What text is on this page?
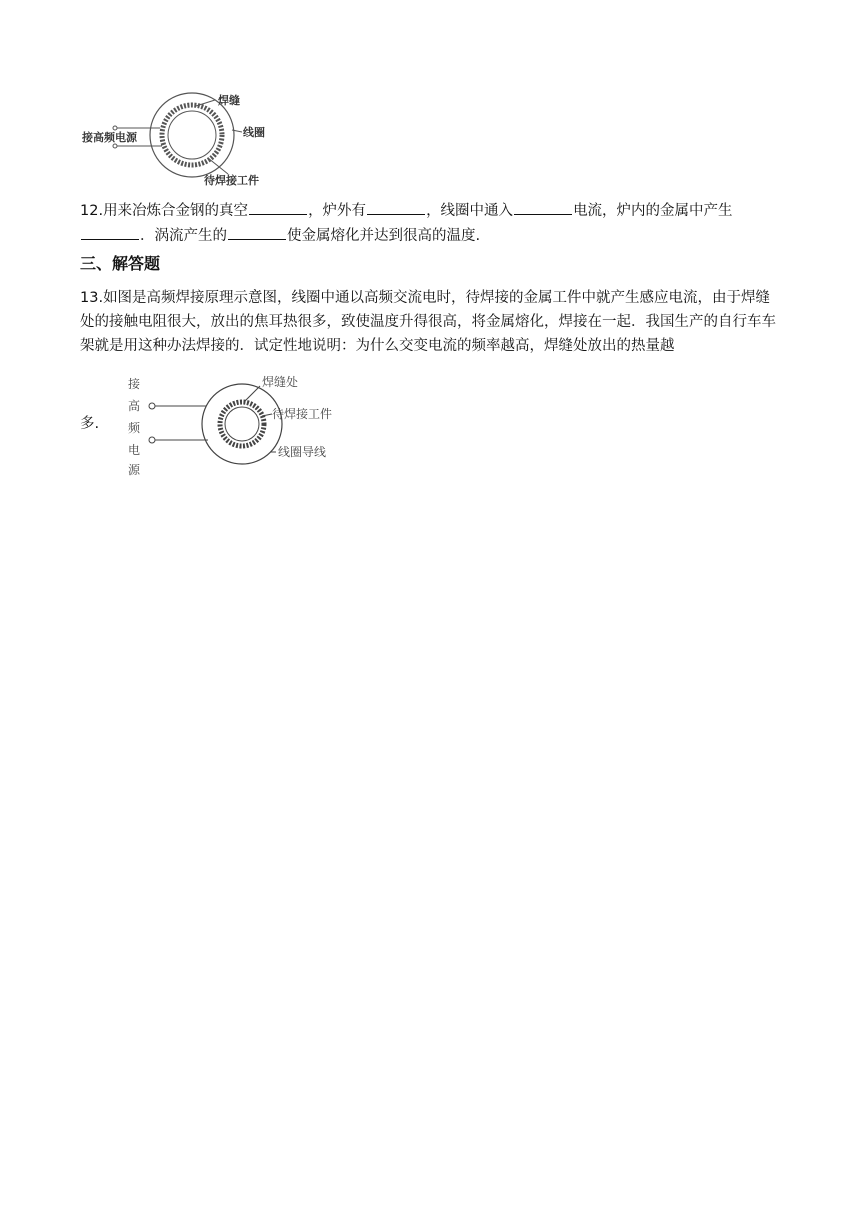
焊缝
线圈
接高频电源
待焊接工件
12.用来冶炼合金钢的真空	，炉外有	，线圈中通入	电流，炉内的金属中产生
．涡流产生的	使金属熔化并达到很高的温度.
三、解答题
13.如图是高频焊接原理示意图，线圈中通以高频交流电时，待焊接的金属工件中就产生感应电流，由于焊缝处的接触电阻很大，放出的焦耳热很多，致使温度升得很高，将金属熔化，焊接在一起．我国生产的自行车车架就是用这种办法焊接的．试定性地说明：为什么交变电流的频率越高，焊缝处放出的热量越
多.
接
高
频
电
源
焊缝处
待焊接工件
线圈导线
